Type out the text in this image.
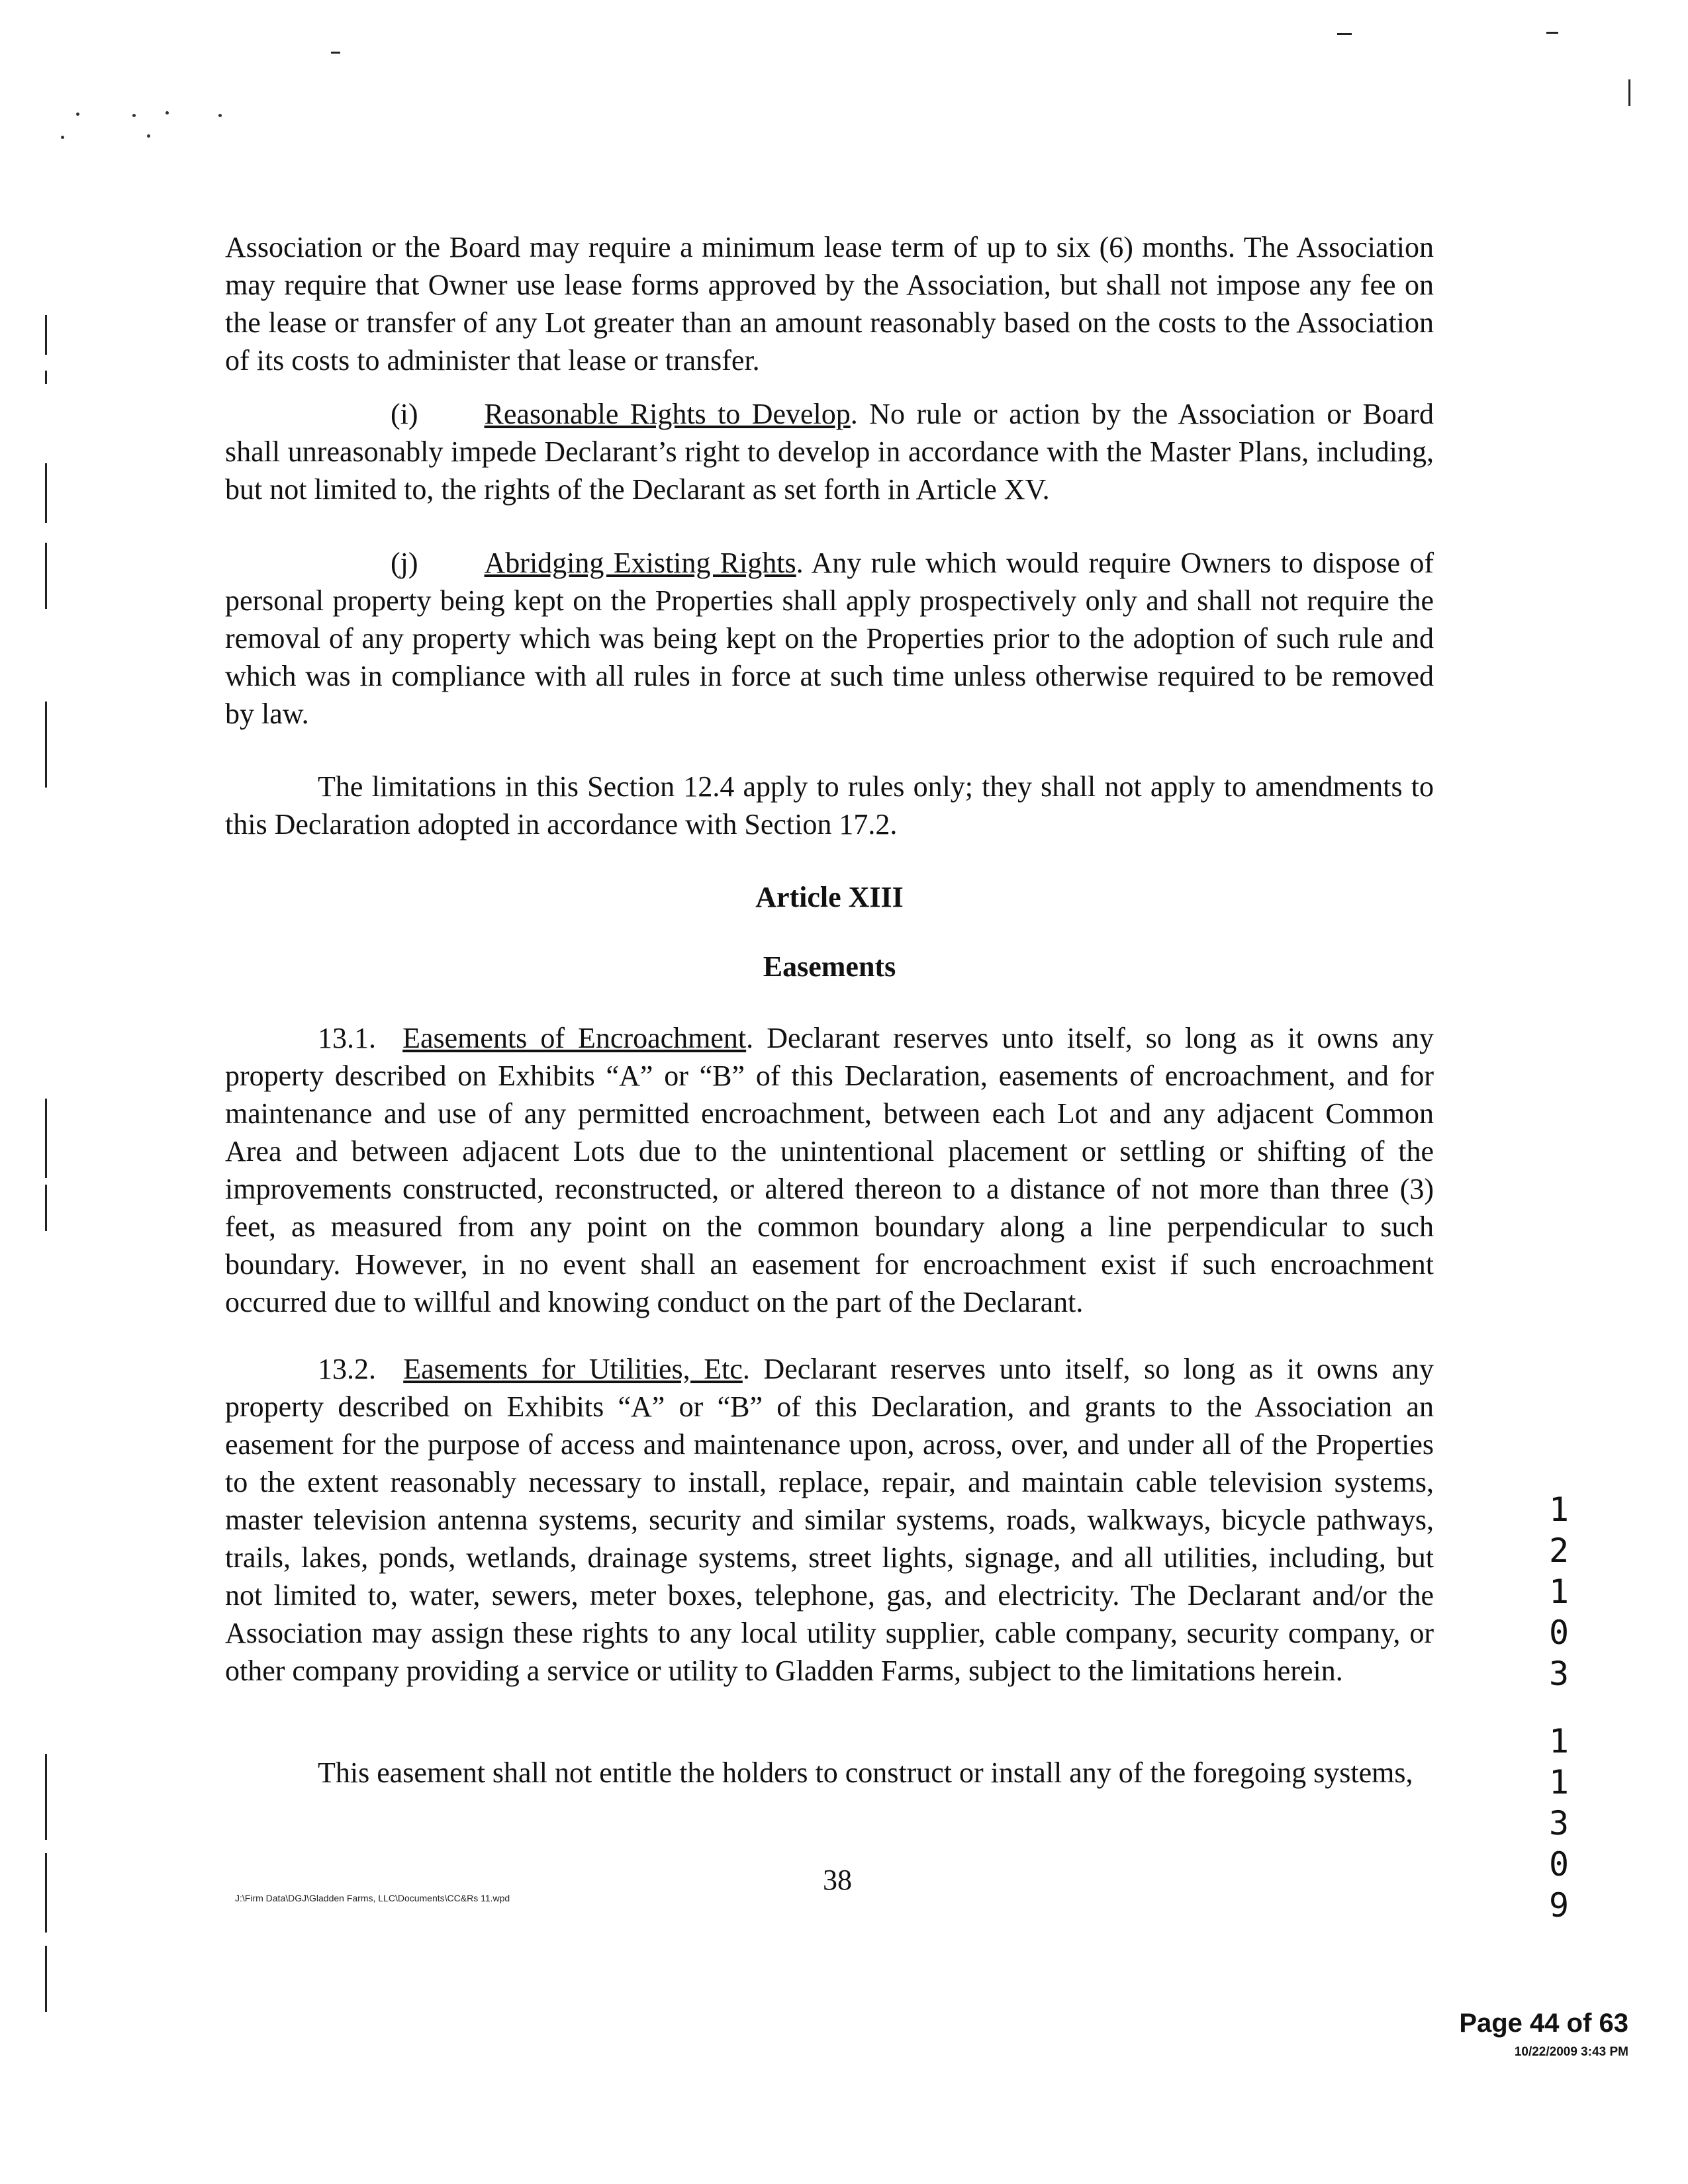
Association or the Board may require a minimum lease term of up to six (6) months. The Association may require that Owner use lease forms approved by the Association, but shall not impose any fee on the lease or transfer of any Lot greater than an amount reasonably based on the costs to the Association of its costs to administer that lease or transfer.

(i) Reasonable Rights to Develop. No rule or action by the Association or Board shall unreasonably impede Declarant’s right to develop in accordance with the Master Plans, including, but not limited to, the rights of the Declarant as set forth in Article XV.

(j) Abridging Existing Rights. Any rule which would require Owners to dispose of personal property being kept on the Properties shall apply prospectively only and shall not require the removal of any property which was being kept on the Properties prior to the adoption of such rule and which was in compliance with all rules in force at such time unless otherwise required to be removed by law.

The limitations in this Section 12.4 apply to rules only; they shall not apply to amendments to this Declaration adopted in accordance with Section 17.2.

Article XIII

Easements

13.1. Easements of Encroachment. Declarant reserves unto itself, so long as it owns any property described on Exhibits “A” or “B” of this Declaration, easements of encroachment, and for maintenance and use of any permitted encroachment, between each Lot and any adjacent Common Area and between adjacent Lots due to the unintentional placement or settling or shifting of the improvements constructed, reconstructed, or altered thereon to a distance of not more than three (3) feet, as measured from any point on the common boundary along a line perpendicular to such boundary. However, in no event shall an easement for encroachment exist if such encroachment occurred due to willful and knowing conduct on the part of the Declarant.

13.2. Easements for Utilities, Etc. Declarant reserves unto itself, so long as it owns any property described on Exhibits “A” or “B” of this Declaration, and grants to the Association an easement for the purpose of access and maintenance upon, across, over, and under all of the Properties to the extent reasonably necessary to install, replace, repair, and maintain cable television systems, master television antenna systems, security and similar systems, roads, walkways, bicycle pathways, trails, lakes, ponds, wetlands, drainage systems, street lights, signage, and all utilities, including, but not limited to, water, sewers, meter boxes, telephone, gas, and electricity. The Declarant and/or the Association may assign these rights to any local utility supplier, cable company, security company, or other company providing a service or utility to Gladden Farms, subject to the limitations herein.

This easement shall not entitle the holders to construct or install any of the foregoing systems,

38
J:\Firm Data\DGJ\Gladden Farms, LLC\Documents\CC&Rs 11.wpd
1
2
1
0
3
1
1
3
0
9
Page 44 of 63
10/22/2009 3:43 PM
